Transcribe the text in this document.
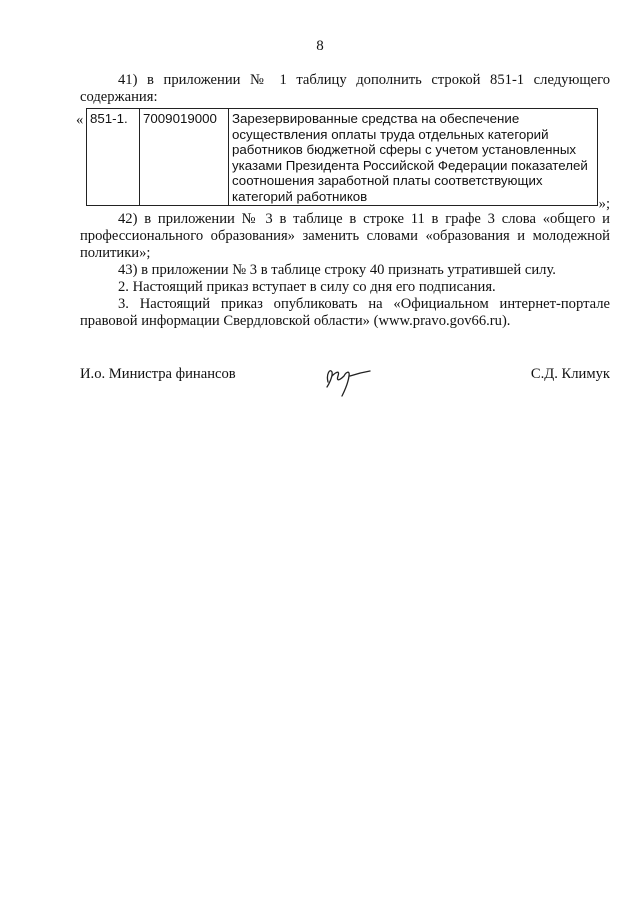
8

41) в приложении № 1 таблицу дополнить строкой 851-1 следующего содержания:

« 851-1.	7009019000	Зарезервированные средства на обеспечение осуществления оплаты труда отдельных категорий работников бюджетной сферы с учетом установленных указами Президента Российской Федерации показателей соотношения заработной платы соответствующих категорий работников	»;

42) в приложении № 3 в таблице в строке 11 в графе 3 слова «общего и профессионального образования» заменить словами «образования и молодежной политики»;

43) в приложении № 3 в таблице строку 40 признать утратившей силу.

2. Настоящий приказ вступает в силу со дня его подписания.

3. Настоящий приказ опубликовать на «Официальном интернет-портале правовой информации Свердловской области» (www.pravo.gov66.ru).

И.о. Министра финансов	С.Д. Климук
